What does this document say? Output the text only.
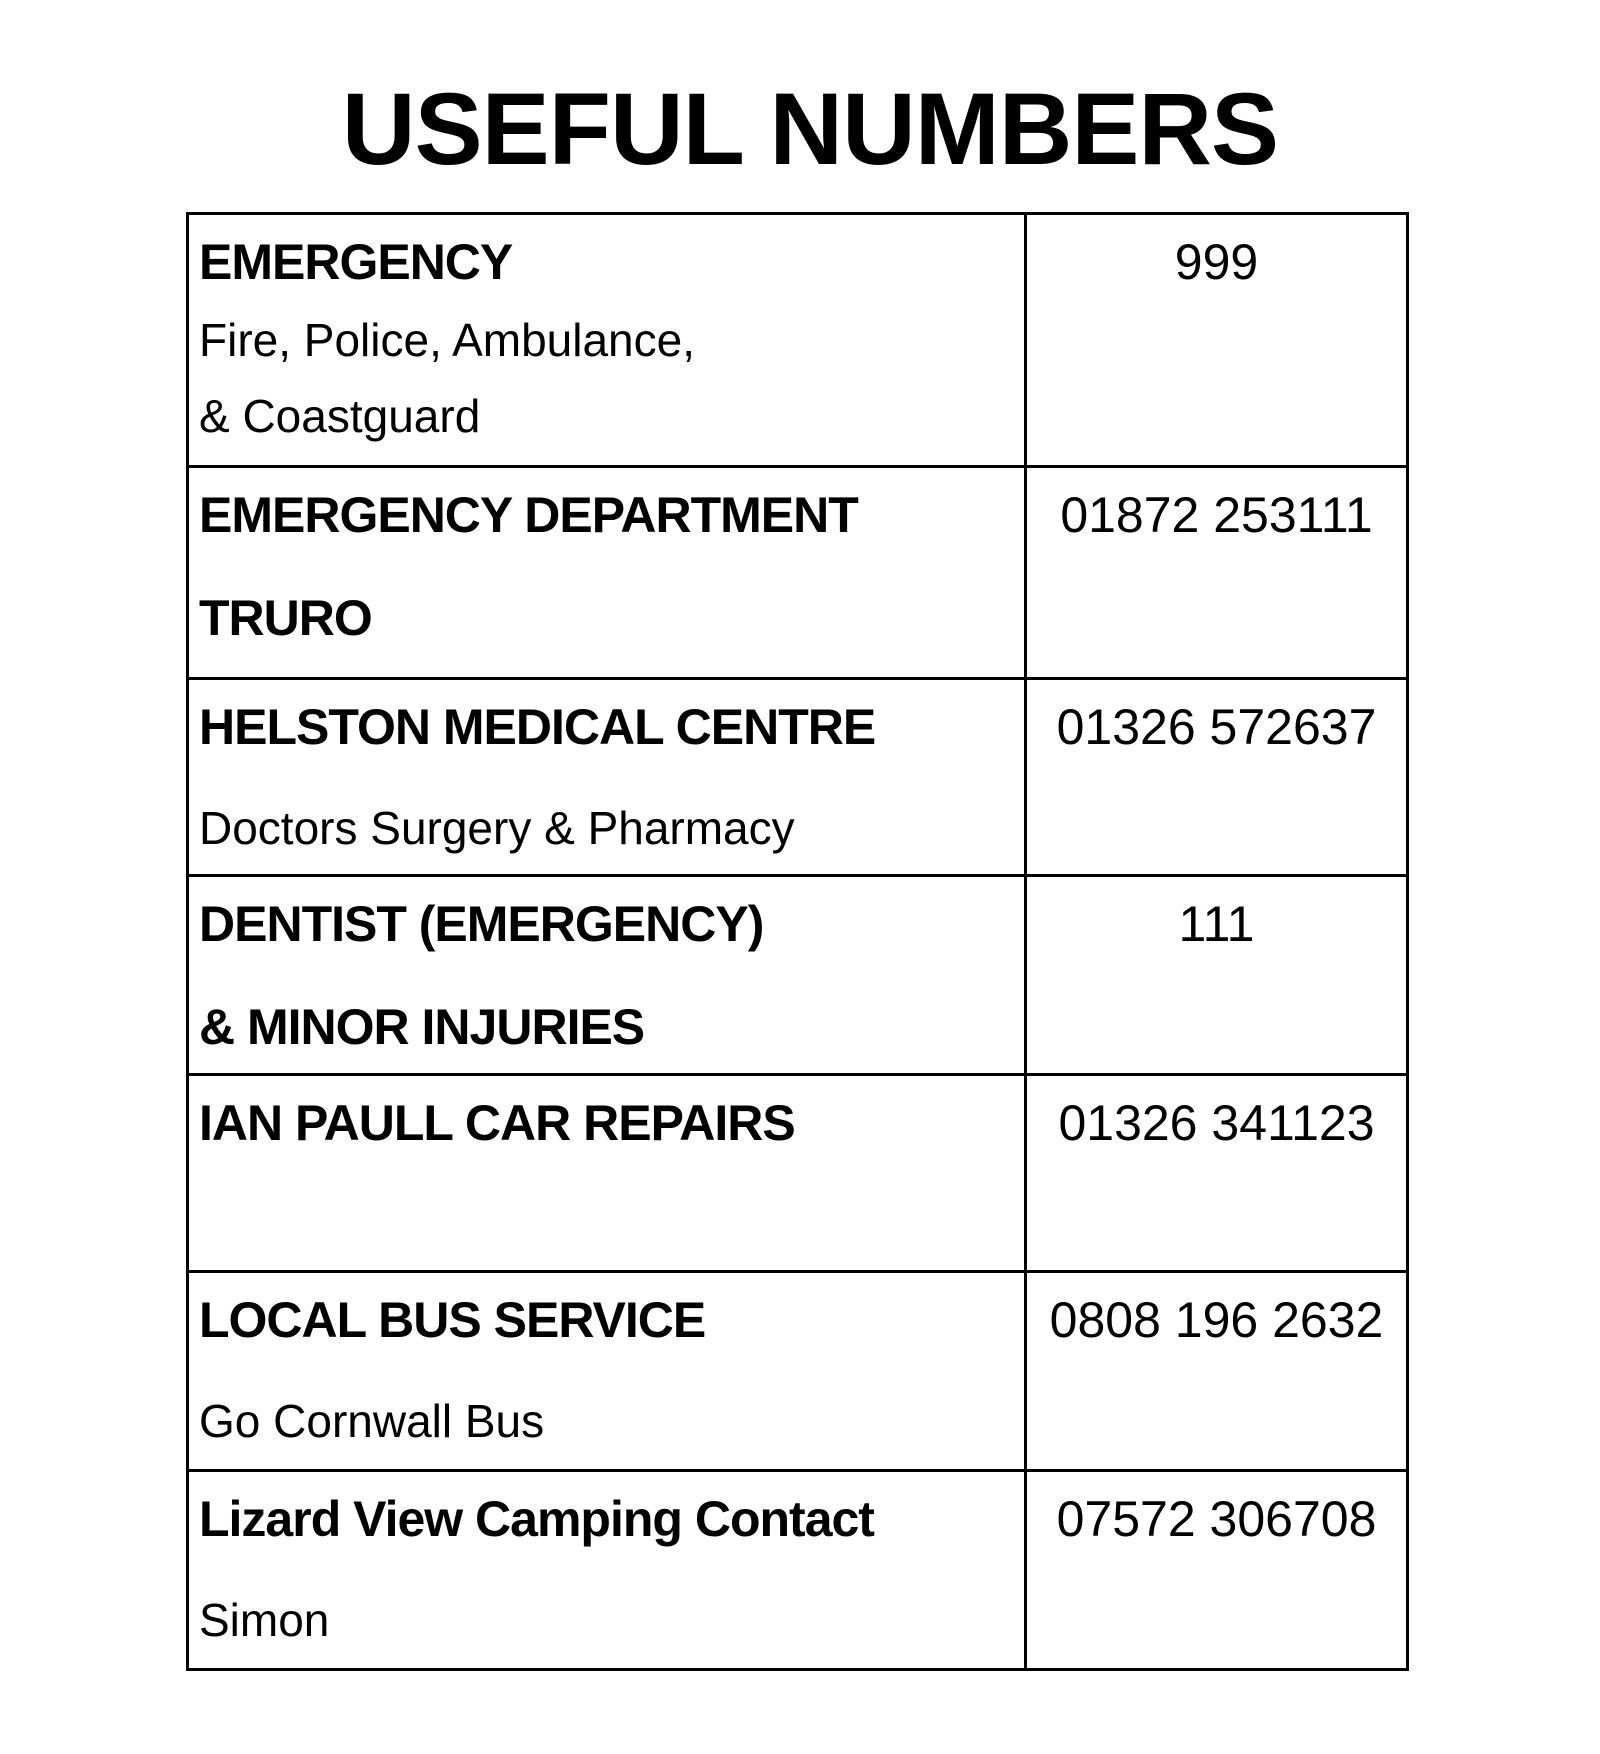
USEFUL NUMBERS
EMERGENCY
Fire, Police, Ambulance,
& Coastguard	999

EMERGENCY DEPARTMENT
TRURO	01872 253111

HELSTON MEDICAL CENTRE
Doctors Surgery & Pharmacy	01326 572637

DENTIST (EMERGENCY)
& MINOR INJURIES	111

IAN PAULL CAR REPAIRS	01326 341123

LOCAL BUS SERVICE
Go Cornwall Bus	0808 196 2632

Lizard View Camping Contact
Simon	07572 306708
